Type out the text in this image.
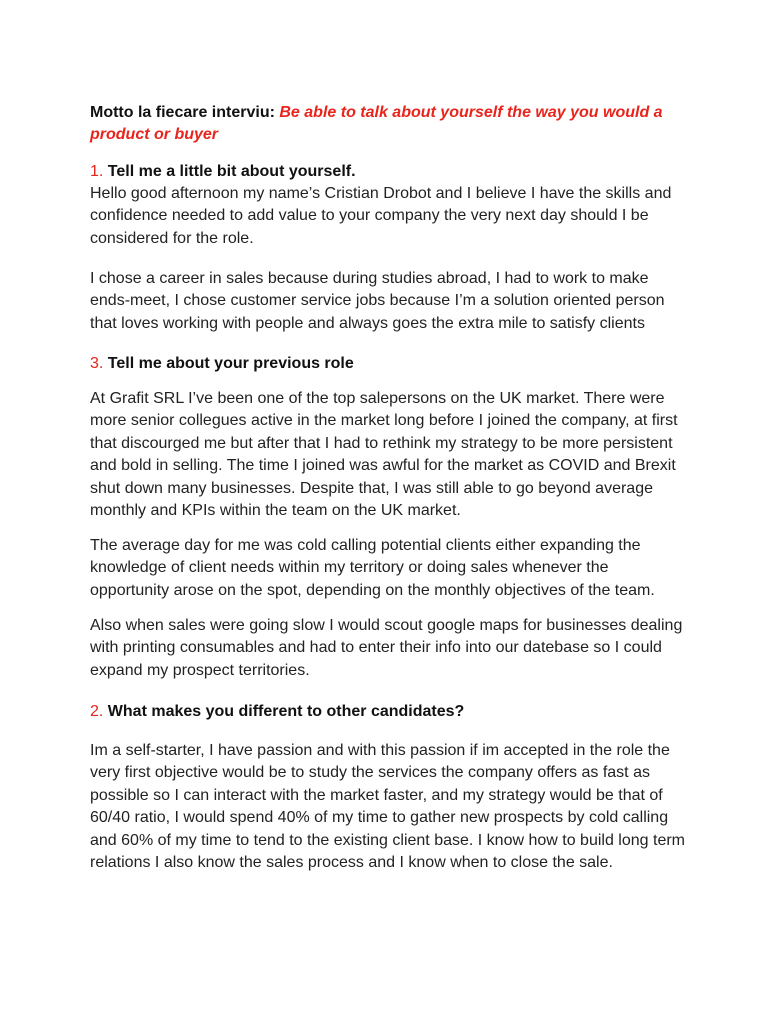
Motto la fiecare interviu: Be able to talk about yourself the way you would a product or buyer

1. Tell me a little bit about yourself.

Hello good afternoon my name’s Cristian Drobot and I believe I have the skills and confidence needed to add value to your company the very next day should I be considered for the role.

I chose a career in sales because during studies abroad, I had to work to make ends-meet, I chose customer service jobs because I’m a solution oriented person that loves working with people and always goes the extra mile to satisfy clients

3. Tell me about your previous role

At Grafit SRL I’ve been one of the top salepersons on the UK market. There were more senior collegues active in the market long before I joined the company, at first that discourged me but after that I had to rethink my strategy to be more persistent and bold in selling. The time I joined was awful for the market as COVID and Brexit shut down many businesses. Despite that, I was still able to go beyond average monthly and KPIs within the team on the UK market.

The average day for me was cold calling potential clients either expanding the knowledge of client needs within my territory or doing sales whenever the opportunity arose on the spot, depending on the monthly objectives of the team.

Also when sales were going slow I would scout google maps for businesses dealing with printing consumables and had to enter their info into our datebase so I could expand my prospect territories.

2. What makes you different to other candidates?

Im a self-starter, I have passion and with this passion if im accepted in the role the very first objective would be to study the services the company offers as fast as possible so I can interact with the market faster, and my strategy would be that of 60/40 ratio, I would spend 40% of my time to gather new prospects by cold calling and 60% of my time to tend to the existing client base. I know how to build long term relations I also know the sales process and I know when to close the sale.
